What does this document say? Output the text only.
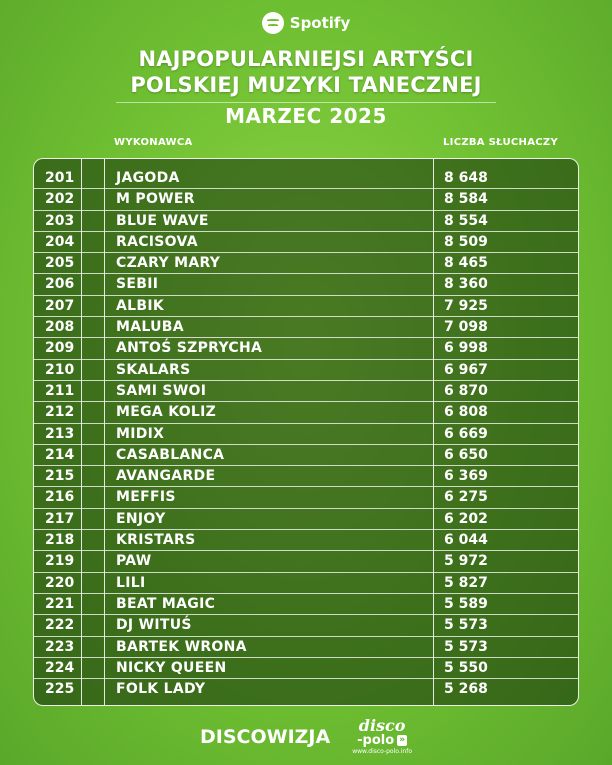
Spotify
NAJPOPULARNIEJSI ARTYŚCI
POLSKIEJ MUZYKI TANECZNEJ
MARZEC 2025
WYKONAWCA	LICZBA SŁUCHACZY
201	JAGODA	8 648
202	M POWER	8 584
203	BLUE WAVE	8 554
204	RACISOVA	8 509
205	CZARY MARY	8 465
206	SEBII	8 360
207	ALBIK	7 925
208	MALUBA	7 098
209	ANTOŚ SZPRYCHA	6 998
210	SKALARS	6 967
211	SAMI SWOI	6 870
212	MEGA KOLIZ	6 808
213	MIDIX	6 669
214	CASABLANCA	6 650
215	AVANGARDE	6 369
216	MEFFIS	6 275
217	ENJOY	6 202
218	KRISTARS	6 044
219	PAW	5 972
220	LILI	5 827
221	BEAT MAGIC	5 589
222	DJ WITUŚ	5 573
223	BARTEK WRONA	5 573
224	NICKY QUEEN	5 550
225	FOLK LADY	5 268
DISCOWIZJA disco
-polo »
www.disco-polo.info
